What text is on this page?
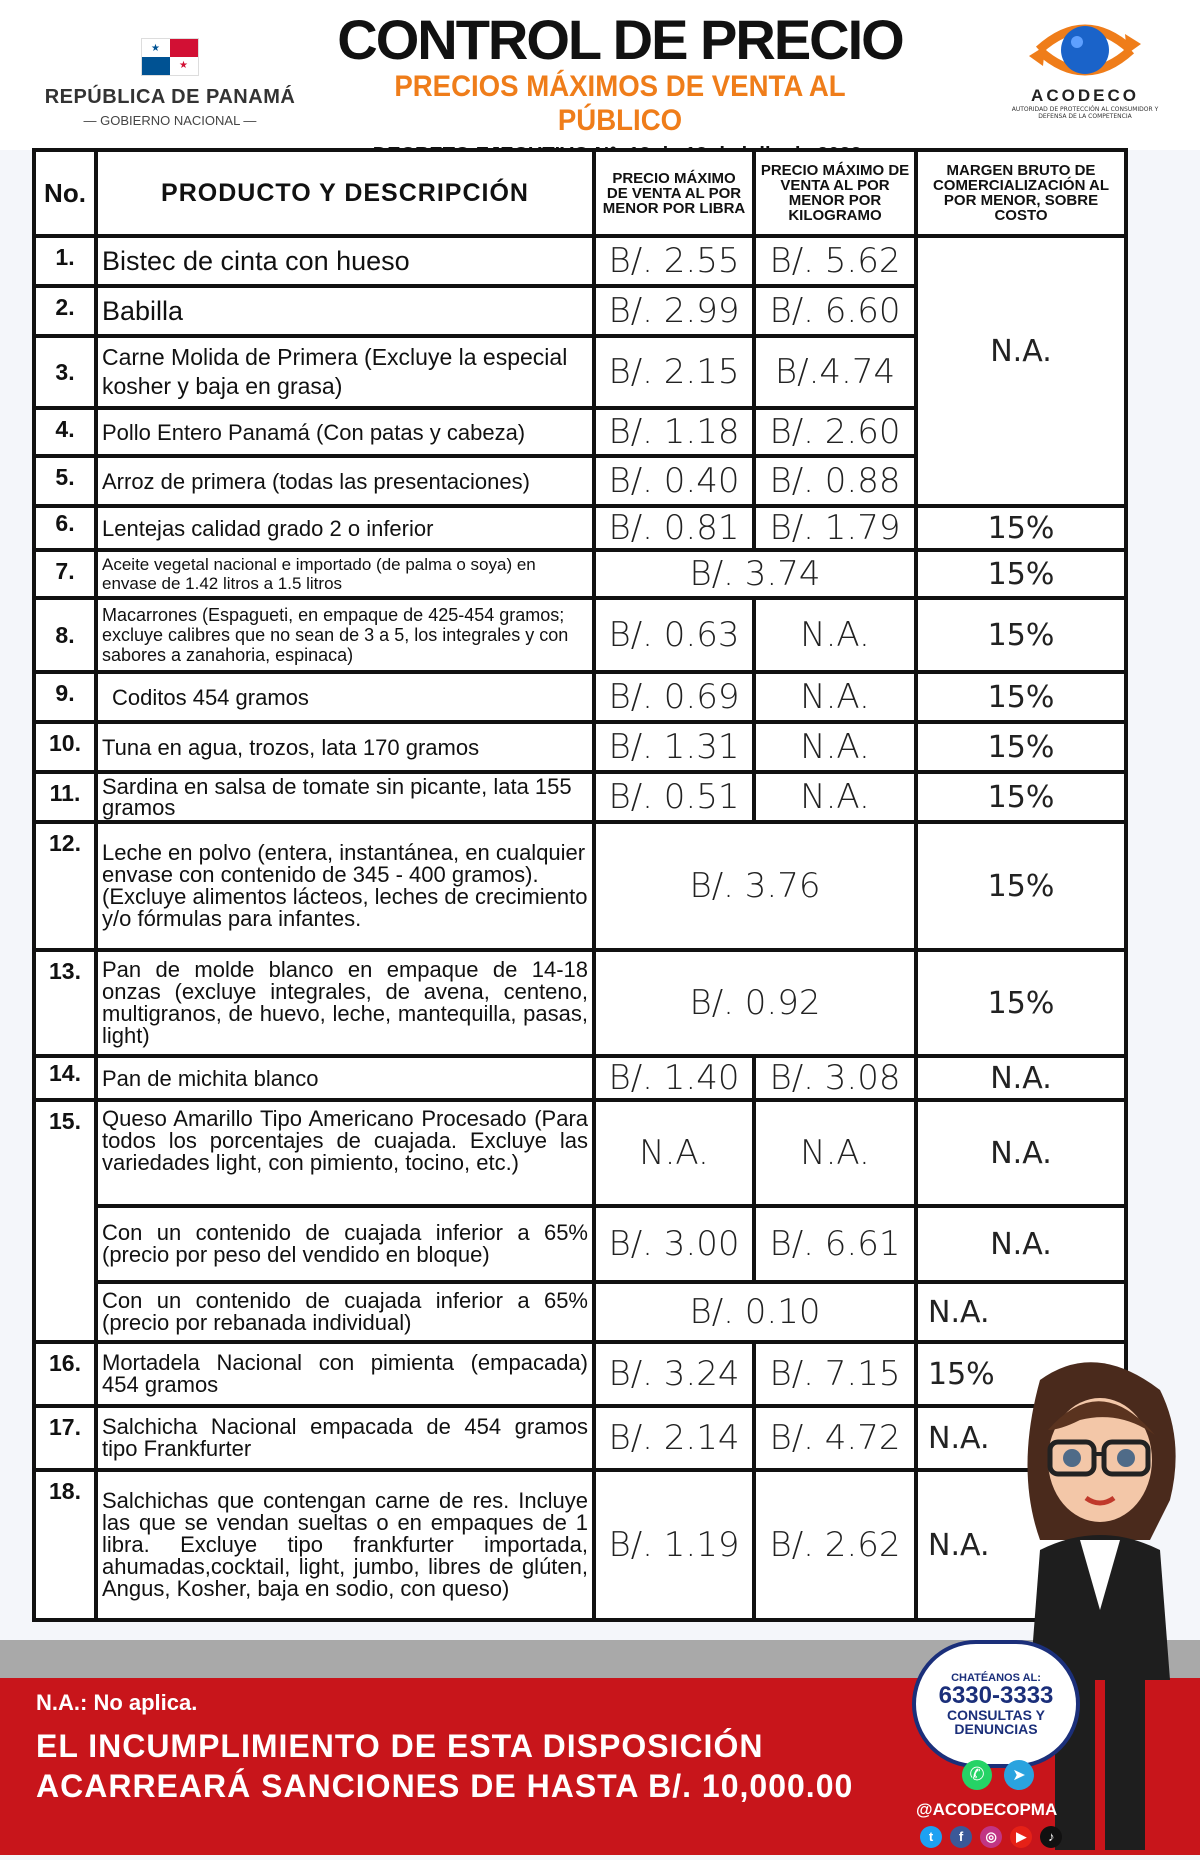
★
★
REPÚBLICA DE PANAMÁ
— GOBIERNO NACIONAL —
CONTROL DE PRECIO
PRECIOS MÁXIMOS DE VENTA AL PÚBLICO
ACODECO
AUTORIDAD DE PROTECCIÓN AL CONSUMIDOR Y DEFENSA DE LA COMPETENCIA
No.	PRODUCTO Y DESCRIPCIÓN	PRECIO MÁXIMO DE VENTA AL POR MENOR POR LIBRA	PRECIO MÁXIMO DE VENTA AL POR MENOR POR KILOGRAMO	MARGEN BRUTO DE COMERCIALIZACIÓN AL POR MENOR, SOBRE COSTO
1.	Bistec de cinta con hueso	B/. 2.55	B/. 5.62	N.A.
2.	Babilla	B/. 2.99	B/. 6.60	
3.	Carne Molida de Primera (Excluye la especial kosher y baja en grasa)	B/. 2.15	B/.4.74	
4.	Pollo Entero Panamá (Con patas y cabeza)	B/. 1.18	B/. 2.60	
5.	Arroz de primera (todas las presentaciones)	B/. 0.40	B/. 0.88	
6.	Lentejas calidad grado 2 o inferior	B/. 0.81	B/. 1.79	15%
7.	Aceite vegetal nacional e importado (de palma o soya) en envase de 1.42 litros a 1.5 litros	B/. 3.74		15%
8.	Macarrones (Espagueti, en empaque de 425-454 gramos; excluye calibres que no sean de 3 a 5, los integrales y con sabores a zanahoria, espinaca)	B/. 0.63	N.A.	15%
9.	Coditos 454 gramos	B/. 0.69	N.A.	15%
10.	Tuna en agua, trozos, lata 170 gramos	B/. 1.31	N.A.	15%
11.	Sardina en salsa de tomate sin picante, lata 155 gramos	B/. 0.51	N.A.	15%
12.	Leche en polvo (entera, instantánea, en cualquier envase con contenido de 345 - 400 gramos). (Excluye alimentos lácteos, leches de crecimiento y/o fórmulas para infantes.	B/. 3.76		15%
13.	Pan de molde blanco en empaque de 14-18 onzas (excluye integrales, de avena, centeno, multigranos, de huevo, leche, mantequilla, pasas, light)	B/. 0.92		15%
14.	Pan de michita blanco	B/. 1.40	B/. 3.08	N.A.
15.	Queso Amarillo Tipo Americano Procesado (Para todos los porcentajes de cuajada. Excluye las variedades light, con pimiento, tocino, etc.)	N.A.	N.A.	N.A.
	Con un contenido de cuajada inferior a 65% (precio por peso del vendido en bloque)	B/. 3.00	B/. 6.61	N.A.
	Con un contenido de cuajada inferior a 65% (precio por rebanada individual)	B/. 0.10		N.A.
16.	Mortadela Nacional con pimienta (empacada) 454 gramos	B/. 3.24	B/. 7.15	15%
17.	Salchicha Nacional empacada de 454 gramos tipo Frankfurter	B/. 2.14	B/. 4.72	N.A.
18.	Salchichas que contengan carne de res. Incluye las que se vendan sueltas o en empaques de 1 libra. Excluye tipo frankfurter importada, ahumadas,cocktail, light, jumbo, libres de glúten, Angus, Kosher, baja en sodio, con queso)	B/. 1.19	B/. 2.62	N.A.
N.A.: No aplica.
EL INCUMPLIMIENTO DE ESTA DISPOSICIÓN
ACARREARÁ SANCIONES DE HASTA B/. 10,000.00
CHATÉANOS AL:
6330-3333
CONSULTAS Y
DENUNCIAS
✆	➤
@ACODECOPMA
t f ◎ ▶ ♪
